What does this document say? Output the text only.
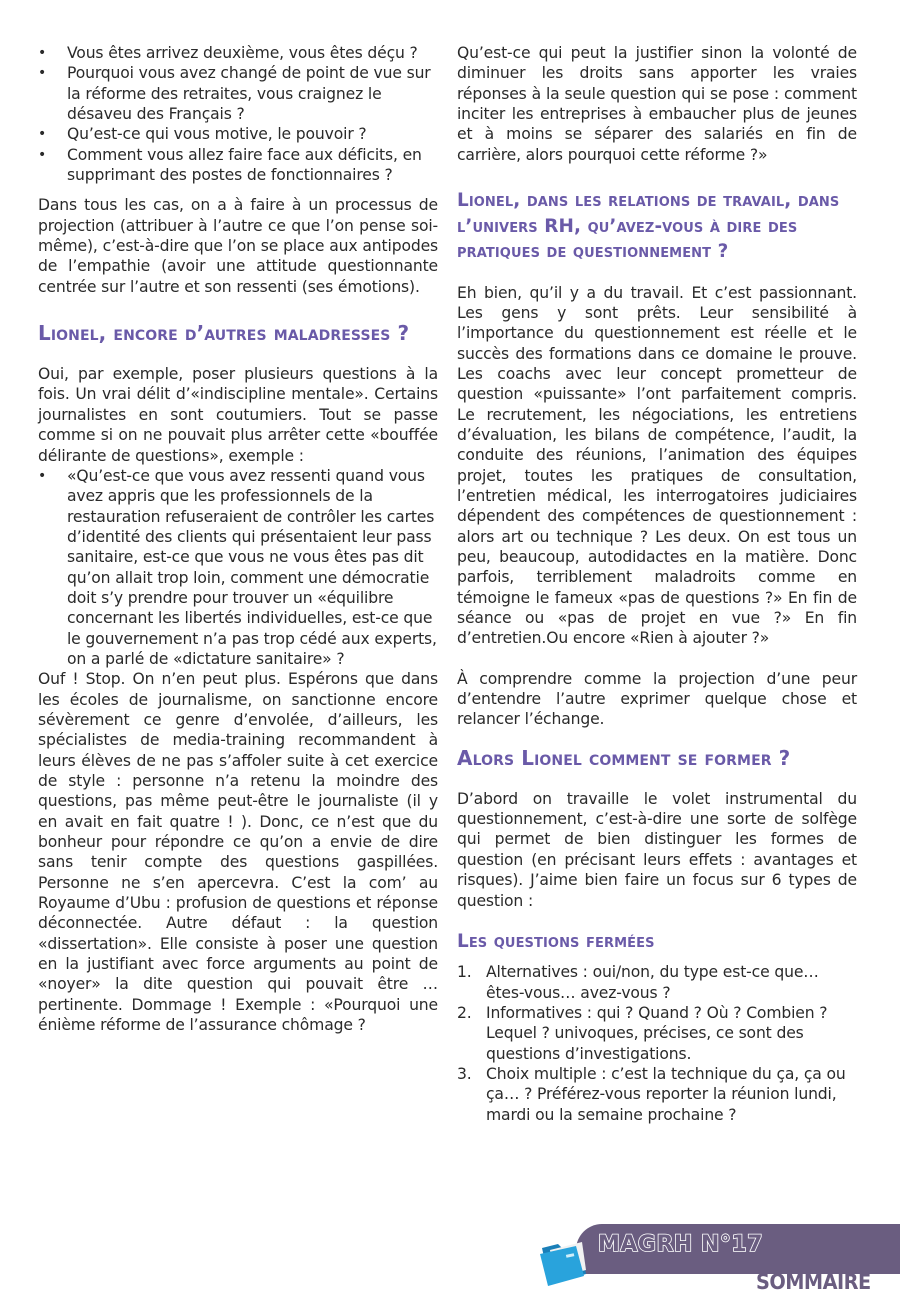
• Vous êtes arrivez deuxième, vous êtes déçu ?
• Pourquoi vous avez changé de point de vue sur la réforme des retraites, vous craignez le désaveu des Français ?
• Qu’est-ce qui vous motive, le pouvoir ?
• Comment vous allez faire face aux déficits, en supprimant des postes de fonctionnaires ?

Dans tous les cas, on a à faire à un processus de projection (attribuer à l’autre ce que l’on pense soi-même), c’est-à-dire que l’on se place aux antipodes de l’empathie (avoir une attitude questionnante centrée sur l’autre et son ressenti (ses émotions).

Lionel, encore d’autres maladresses ?

Oui, par exemple, poser plusieurs questions à la fois. Un vrai délit d’«indiscipline mentale». Certains journalistes en sont coutumiers. Tout se passe comme si on ne pouvait plus arrêter cette «bouffée délirante de questions», exemple :

• «Qu’est-ce que vous avez ressenti quand vous avez appris que les professionnels de la restauration refuseraient de contrôler les cartes d’identité des clients qui présentaient leur pass sanitaire, est-ce que vous ne vous êtes pas dit qu’on allait trop loin, comment une démocratie doit s’y prendre pour trouver un «équilibre concernant les libertés individuelles, est-ce que le gouvernement n’a pas trop cédé aux experts, on a parlé de «dictature sanitaire» ?

Ouf ! Stop. On n’en peut plus. Espérons que dans les écoles de journalisme, on sanctionne encore sévèrement ce genre d’envolée, d’ailleurs, les spécialistes de media-training recommandent à leurs élèves de ne pas s’affoler suite à cet exercice de style : personne n’a retenu la moindre des questions, pas même peut-être le journaliste (il y en avait en fait quatre ! ). Donc, ce n’est que du bonheur pour répondre ce qu’on a envie de dire sans tenir compte des questions gaspillées. Personne ne s’en apercevra. C’est la com’ au Royaume d’Ubu : profusion de questions et réponse déconnectée. Autre défaut : la question «dissertation». Elle consiste à poser une question en la justifiant avec force arguments au point de «noyer» la dite question qui pouvait être … pertinente. Dommage ! Exemple : «Pourquoi une énième réforme de l’assurance chômage ?

Qu’est-ce qui peut la justifier sinon la volonté de diminuer les droits sans apporter les vraies réponses à la seule question qui se pose : comment inciter les entreprises à embaucher plus de jeunes et à moins se séparer des salariés en fin de carrière, alors pourquoi cette réforme ?»

Lionel, dans les relations de travail, dans l’univers RH, qu’avez-vous à dire des pratiques de questionnement ?

Eh bien, qu’il y a du travail. Et c’est passionnant. Les gens y sont prêts. Leur sensibilité à l’importance du questionnement est réelle et le succès des formations dans ce domaine le prouve. Les coachs avec leur concept prometteur de question «puissante» l’ont parfaitement compris. Le recrutement, les négociations, les entretiens d’évaluation, les bilans de compétence, l’audit, la conduite des réunions, l’animation des équipes projet, toutes les pratiques de consultation, l’entretien médical, les interrogatoires judiciaires dépendent des compétences de questionnement : alors art ou technique ? Les deux. On est tous un peu, beaucoup, autodidactes en la matière. Donc parfois, terriblement maladroits comme en témoigne le fameux «pas de questions ?» En fin de séance ou «pas de projet en vue ?» En fin d’entretien.Ou encore «Rien à ajouter ?»

À comprendre comme la projection d’une peur d’entendre l’autre exprimer quelque chose et relancer l’échange.

Alors Lionel comment se former ?

D’abord on travaille le volet instrumental du questionnement, c’est-à-dire une sorte de solfège qui permet de bien distinguer les formes de question (en précisant leurs effets : avantages et risques). J’aime bien faire un focus sur 6 types de question :

Les questions fermées
1. Alternatives : oui/non, du type est-ce que… êtes-vous… avez-vous ?
2. Informatives : qui ? Quand ? Où ? Combien ? Lequel ? univoques, précises, ce sont des questions d’investigations.
3. Choix multiple : c’est la technique du ça, ça ou ça… ? Préférez-vous reporter la réunion lundi, mardi ou la semaine prochaine ?
MAGRH N°17
SOMMAIRE
